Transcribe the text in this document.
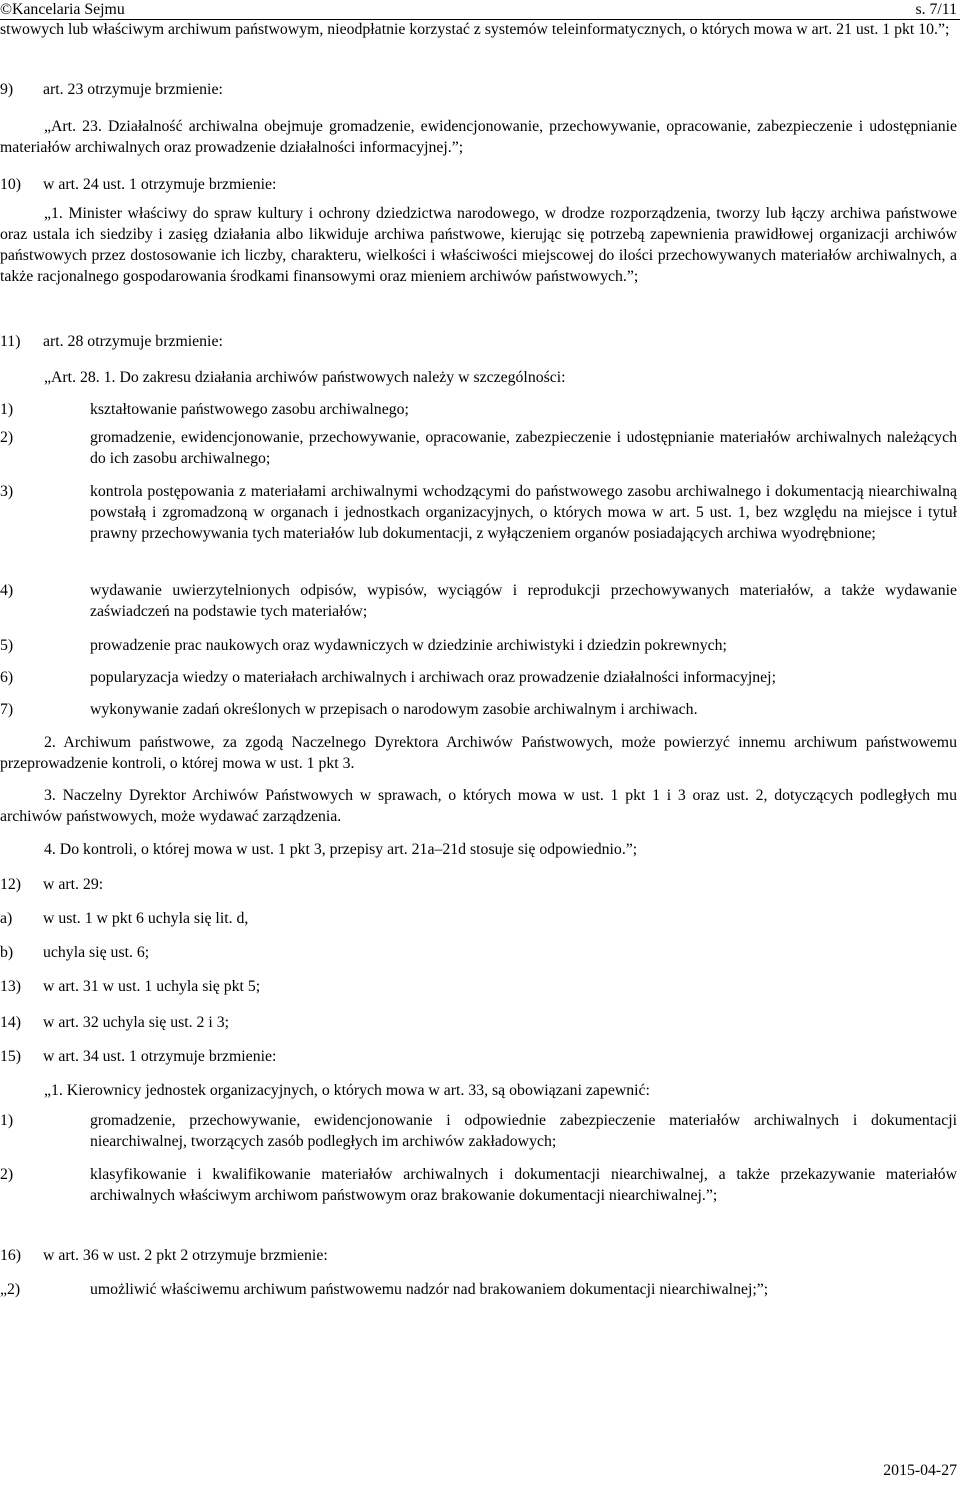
©Kancelaria Sejmu	s. 7/11
stwowych lub właściwym archiwum państwowym, nieodpłatnie korzystać z systemów teleinformatycznych, o których mowa w art. 21 ust. 1 pkt 10.”;
9) art. 23 otrzymuje brzmienie:
„Art. 23. Działalność archiwalna obejmuje gromadzenie, ewidencjonowanie, przechowywanie, opracowanie, zabezpieczenie i udostępnianie materiałów archiwalnych oraz prowadzenie działalności informacyjnej.”;
10) w art. 24 ust. 1 otrzymuje brzmienie:
„1. Minister właściwy do spraw kultury i ochrony dziedzictwa narodowego, w drodze rozporządzenia, tworzy lub łączy archiwa państwowe oraz ustala ich siedziby i zasięg działania albo likwiduje archiwa państwowe, kierując się potrzebą zapewnienia prawidłowej organizacji archiwów państwowych przez dostosowanie ich liczby, charakteru, wielkości i właściwości miejscowej do ilości przechowywanych materiałów archiwalnych, a także racjonalnego gospodarowania środkami finansowymi oraz mieniem archiwów państwowych.”;
11) art. 28 otrzymuje brzmienie:
„Art. 28. 1. Do zakresu działania archiwów państwowych należy w szczególności:
1)	kształtowanie państwowego zasobu archiwalnego;
2)	gromadzenie, ewidencjonowanie, przechowywanie, opracowanie, zabezpieczenie i udostępnianie materiałów archiwalnych należących do ich zasobu archiwalnego;
3)	kontrola postępowania z materiałami archiwalnymi wchodzącymi do państwowego zasobu archiwalnego i dokumentacją niearchiwalną powstałą i zgromadzoną w organach i jednostkach organizacyjnych, o których mowa w art. 5 ust. 1, bez względu na miejsce i tytuł prawny przechowywania tych materiałów lub dokumentacji, z wyłączeniem organów posiadających archiwa wyodrębnione;
4)	wydawanie uwierzytelnionych odpisów, wypisów, wyciągów i reprodukcji przechowywanych materiałów, a także wydawanie zaświadczeń na podstawie tych materiałów;
5)	prowadzenie prac naukowych oraz wydawniczych w dziedzinie archiwistyki i dziedzin pokrewnych;
6)	popularyzacja wiedzy o materiałach archiwalnych i archiwach oraz prowadzenie działalności informacyjnej;
7)	wykonywanie zadań określonych w przepisach o narodowym zasobie archiwalnym i archiwach.
2. Archiwum państwowe, za zgodą Naczelnego Dyrektora Archiwów Państwowych, może powierzyć innemu archiwum państwowemu przeprowadzenie kontroli, o której mowa w ust. 1 pkt 3.
3. Naczelny Dyrektor Archiwów Państwowych w sprawach, o których mowa w ust. 1 pkt 1 i 3 oraz ust. 2, dotyczących podległych mu archiwów państwowych, może wydawać zarządzenia.
4. Do kontroli, o której mowa w ust. 1 pkt 3, przepisy art. 21a–21d stosuje się odpowiednio.”;
12) w art. 29:
a) w ust. 1 w pkt 6 uchyla się lit. d,
b) uchyla się ust. 6;
13) w art. 31 w ust. 1 uchyla się pkt 5;
14) w art. 32 uchyla się ust. 2 i 3;
15) w art. 34 ust. 1 otrzymuje brzmienie:
„1. Kierownicy jednostek organizacyjnych, o których mowa w art. 33, są obowiązani zapewnić:
1)	gromadzenie, przechowywanie, ewidencjonowanie i odpowiednie zabezpieczenie materiałów archiwalnych i dokumentacji niearchiwalnej, tworzących zasób podległych im archiwów zakładowych;
2)	klasyfikowanie i kwalifikowanie materiałów archiwalnych i dokumentacji niearchiwalnej, a także przekazywanie materiałów archiwalnych właściwym archiwom państwowym oraz brakowanie dokumentacji niearchiwalnej.”;
16) w art. 36 w ust. 2 pkt 2 otrzymuje brzmienie:
„2)	umożliwić właściwemu archiwum państwowemu nadzór nad brakowaniem dokumentacji niearchiwalnej;”;
2015-04-27
